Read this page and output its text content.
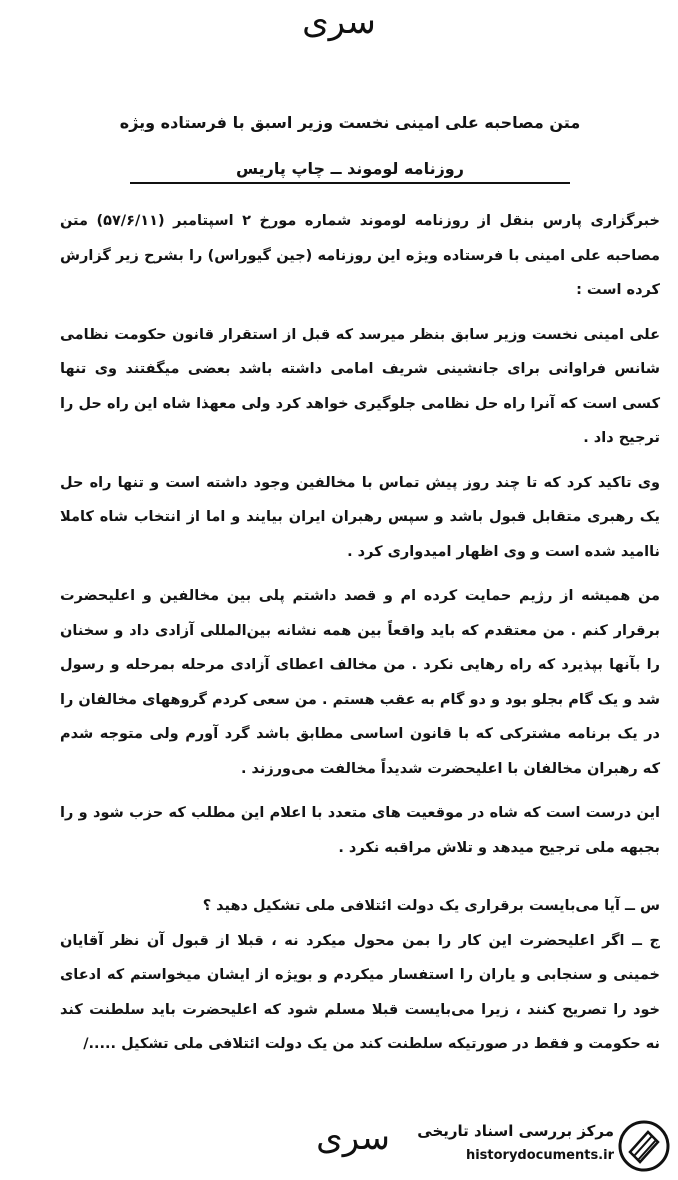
سرى
متن مصاحبه علی امینی نخست وزیر اسبق با فرستاده ویژه روزنامه لوموند ــ چاپ پاریس

خبرگزاری پارس بنقل از روزنامه لوموند شماره مورخ ۲ اسپتامبر (۵۷/۶/۱۱) متن مصاحبه علی امینی با فرستاده ویژه این روزنامه (جین گیوراس) را بشرح زیر گزارش کرده است :

علی امینی نخست وزیر سابق بنظر میرسد که قبل از استقرار قانون حکومت نظامی شانس فراوانی برای جانشینی شریف امامی داشته باشد بعضی میگفتند وی تنها کسی است که آنرا راه حل نظامی جلوگیری خواهد کرد ولی معهذا شاه این راه حل را ترجیح داد .

وی تاکید کرد که تا چند روز پیش تماس با مخالفین وجود داشته است و تنها راه حل یک رهبری متقابل قبول باشد و سپس رهبران ایران بیایند و اما از انتخاب شاه کاملا ناامید شده است و وی اظهار امیدواری کرد .

من همیشه از رژیم حمایت کرده ام و قصد داشتم پلی بین مخالفین و اعلیحضرت برقرار کنم . من معتقدم که باید واقعاً بین همه نشانه بین‌المللی آزادی داد و سخنان را بآنها بپذیرد که راه رهایی نکرد . من مخالف اعطای آزادی مرحله بمرحله و رسول شد و یک گام بجلو بود و دو گام به عقب هستم . من سعی کردم گروههای مخالفان را در یک برنامه مشترکی که با قانون اساسی مطابق باشد گرد آورم ولی متوجه شدم که رهبران مخالفان با اعلیحضرت شدیداً مخالفت می‌ورزند .

این درست است که شاه در موقعیت های متعدد با اعلام این مطلب که حزب شود و را بجبهه ملی ترجیح میدهد و تلاش مراقبه نکرد .

س ــ آیا می‌بایست برقراری یک دولت ائتلافی ملی تشکیل دهید ؟

ج ــ اگر اعلیحضرت این کار را بمن محول میکرد نه ، قبلا از قبول آن نظر آقایان خمینی و سنجابی و یاران را استفسار میکردم و بویژه از ایشان میخواستم که ادعای خود را تصریح کنند ، زیرا می‌بایست قبلا مسلم شود که اعلیحضرت باید سلطنت کند نه حکومت و فقط در صورتیکه سلطنت کند من یک دولت ائتلافی ملی تشکیل ...../

سرى مرکز بررسی اسناد تاریخی
historydocuments.ir
